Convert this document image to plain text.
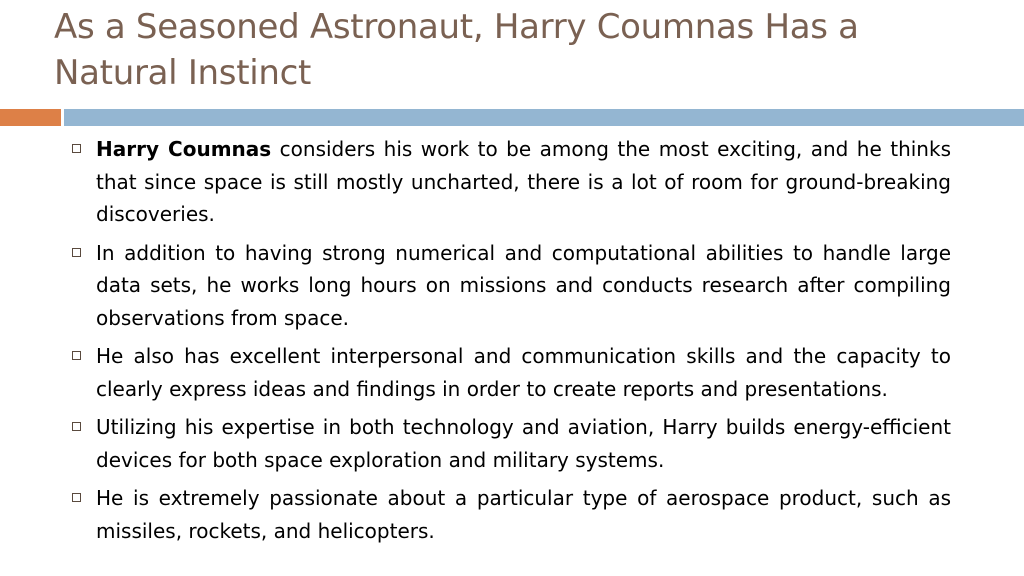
As a Seasoned Astronaut, Harry Coumnas Has a Natural Instinct
Harry Coumnas considers his work to be among the most exciting, and he thinks that since space is still mostly uncharted, there is a lot of room for ground-breaking discoveries.
In addition to having strong numerical and computational abilities to handle large data sets, he works long hours on missions and conducts research after compiling observations from space.
He also has excellent interpersonal and communication skills and the capacity to clearly express ideas and findings in order to create reports and presentations.
Utilizing his expertise in both technology and aviation, Harry builds energy-efficient devices for both space exploration and military systems.
He is extremely passionate about a particular type of aerospace product, such as missiles, rockets, and helicopters.
